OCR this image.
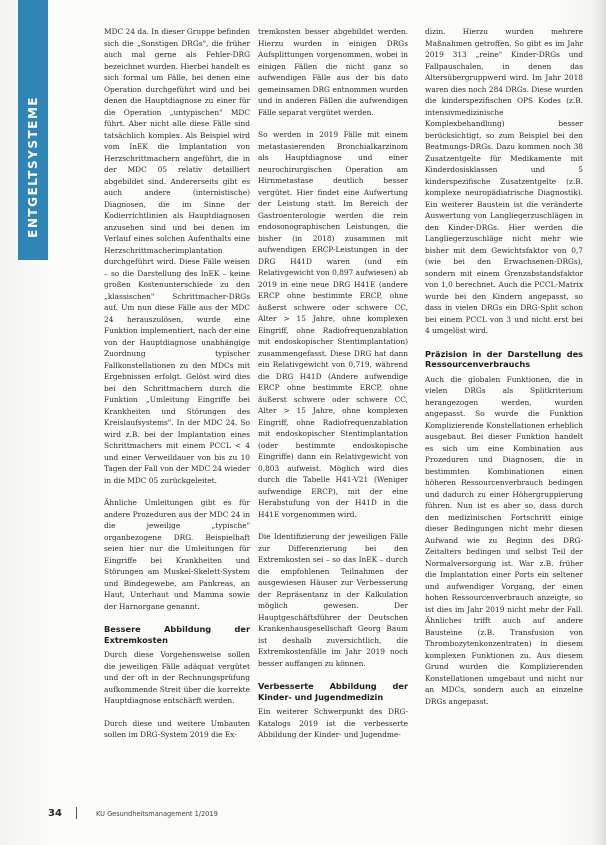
ENTGELTSYSTEME

MDC 24 da. In dieser Gruppe befinden sich die „Sonstigen DRGs", die früher auch mal gerne als Fehler-DRG bezeichnet wurden. Hierbei handelt es sich formal um Fälle, bei denen eine Operation durchgeführt wird und bei denen die Hauptdiagnose zu einer für die Operation „untypischen" MDC führt. Aber nicht alle diese Fälle sind tatsächlich komplex. Als Beispiel wird vom InEK die Implantation von Herzschrittmachern angeführt, die in der MDC 05 relativ detailliert abgebildet sind. Andererseits gibt es auch andere (internistische) Diagnosen, die im Sinne der Kodierrichtlinien als Hauptdiagnosen anzusehen sind und bei denen im Verlauf eines solchen Aufenthalts eine Herzschrittmacherimplantation durchgeführt wird. Diese Fälle weisen – so die Darstellung des InEK – keine großen Kostenunterschiede zu den „klassischen" Schrittmacher-DRGs auf. Um nun diese Fälle aus der MDC 24 herauszulösen, wurde eine Funktion implementiert, nach der eine von der Hauptdiagnose unabhängige Zuordnung typischer Fallkonstellationen zu den MDCs mit Ergebnissen erfolgt. Gelöst wird dies bei den Schrittmachern durch die Funktion „Umleitung Eingriffe bei Krankheiten und Störungen des Kreislaufsystems". In der MDC 24. So wird z.B. bei der Implantation eines Schrittmachers mit einem PCCL < 4 und einer Verweildauer von bis zu 10 Tagen der Fall von der MDC 24 wieder in die MDC 05 zurückgeleitet.

Ähnliche Umleitungen gibt es für andere Prozeduren aus der MDC 24 in die jeweilige „typische" organbezogene DRG. Beispielhaft seien hier nur die Umleitungen für Eingriffe bei Krankheiten und Störungen am Muskel-Skelett-System und Bindegewebe, am Pankreas, an Haut, Unterhaut und Mamma sowie der Harnorgane genannt.

Bessere Abbildung der Extremkosten

Durch diese Vorgehensweise sollen die jeweiligen Fälle adäquat vergütet und der oft in der Rechnungsprüfung aufkommende Streit über die korrekte Hauptdiagnose entschärft werden.

Durch diese und weitere Umbauten sollen im DRG-System 2019 die Ex-

tremkosten besser abgebildet werden. Hierzu wurden in einigen DRGs Aufsplittungen vorgenommen, wobei in einigen Fällen die nicht ganz so aufwendigen Fälle aus der bis dato gemeinsamen DRG entnommen wurden und in anderen Fällen die aufwendigen Fälle separat vergütet werden.

So werden in 2019 Fälle mit einem metastasierenden Bronchialkarzinom als Hauptdiagnose und einer neurochirurgischen Operation am Hirnmetastase deutlich besser vergütet. Hier findet eine Aufwertung der Leistung statt. Im Bereich der Gastroenterologie werden die rein endosonographischen Leistungen, die bisher (in 2018) zusammen mit aufwendigen ERCP-Leistungen in der DRG H41D waren (und ein Relativgewicht von 0,897 aufwiesen) ab 2019 in eine neue DRG H41E (andere ERCP ohne bestimmte ERCP, ohne äußerst schwere oder schwere CC, Alter > 15 Jahre, ohne komplexen Eingriff, ohne Radiofrequenzablation mit endoskopischer Stentimplantation) zusammengefasst. Diese DRG hat dann ein Relativgewicht von 0,719, während die DRG H41D (Andere aufwendige ERCP ohne bestimmte ERCP, ohne äußerst schwere oder schwere CC, Alter > 15 Jahre, ohne komplexen Eingriff, ohne Radiofrequenzablation mit endoskopischer Stentimplantation (oder bestimmte endoskopische Eingriffe) dann ein Relativgewicht von 0,803 aufweist. Möglich wird dies durch die Tabelle H41-V21 (Weniger aufwendige ERCP), mit der eine Herabstufung von der H41D in die H41E vorgenommen wird.

Die Identifizierung der jeweiligen Fälle zur Differenzierung bei den Extremkosten sei – so das InEK – durch die empfohlenen Teilnahmen der ausgewiesen Häuser zur Verbesserung der Repräsentanz in der Kalkulation möglich gewesen. Der Hauptgeschäftsführer der Deutschen Krankenhausgesellschaft Georg Baum ist deshalb zuversichtlich, die Extremkostenfälle im Jahr 2019 noch besser auffangen zu können.

Verbesserte Abbildung der Kinder- und Jugendmedizin

Ein weiterer Schwerpunkt des DRG-Katalogs 2019 ist die verbesserte Abbildung der Kinder- und Jugendme-

dizin. Hierzu wurden mehrere Maßnahmen getroffen. So gibt es im Jahr 2019 313 „reine" Kinder-DRGs und Fallpauschalen, in denen das Altersübergruppwerd wird. Im Jahr 2018 waren dies noch 284 DRGs. Diese wurden die kinderspezifischen OPS Kodes (z.B. intensivmedizinische Komplexbehandlung) besser berücksichtigt, so zum Beispiel bei den Beatmungs-DRGs. Dazu kommen noch 38 Zusatzentgelte für Medikamente mit Kinderdosisklassen und 5 kinderspezifische Zusatzentgelte (z.B. komplexe neuropädiatrische Diagnostik). Ein weiterer Baustein ist die veränderte Auswertung von Langliegerzuschlägen in den Kinder-DRGs. Hier werden die Langliegerzuschläge nicht mehr wie bisher mit dem Gewichtsfaktor von 0,7 (wie bei den Erwachsenen-DRGs), sondern mit einem Grenzabstandsfaktor von 1,0 berechnet. Auch die PCCL-Matrix wurde bei den Kindern angepasst, so dass in vielen DRGs ein DRG-Split schon bei einem PCCL von 3 und nicht erst bei 4 umgelöst wird.

Präzision in der Darstellung des Ressourcenverbrauchs

Auch die globalen Funktionen, die in vielen DRGs als Splitkriterium herangezogen werden, wurden angepasst. So wurde die Funktion Komplizierende Konstellationen erheblich ausgebaut. Bei dieser Funktion handelt es sich um eine Kombination aus Prozeduren und Diagnosen, die in bestimmten Kombinationen einen höheren Ressourcenverbrauch bedingen und dadurch zu einer Höhergruppierung führen. Nun ist es aber so, dass durch den medizinischen Fortschritt einige dieser Bedingungen nicht mehr diesen Aufwand wie zu Beginn des DRG-Zeitalters bedingen und selbst Teil der Normalversorgung ist. War z.B. früher die Implantation einer Ports ein seltener und aufwendiger Vorgang, der einen hohen Ressourcenverbrauch anzeigte, so ist dies im Jahr 2019 nicht mehr der Fall. Ähnliches trifft auch auf andere Bausteine (z.B. Transfusion von Thrombozytenkonzentraten) in diesem komplexen Funktionen zu. Aus diesem Grund wurden die Komplizierenden Konstellationen umgebaut und nicht nur an MDCs, sondern auch an einzelne DRGs angepasst.

34	KU Gesundheitsmanagement 1/2019
